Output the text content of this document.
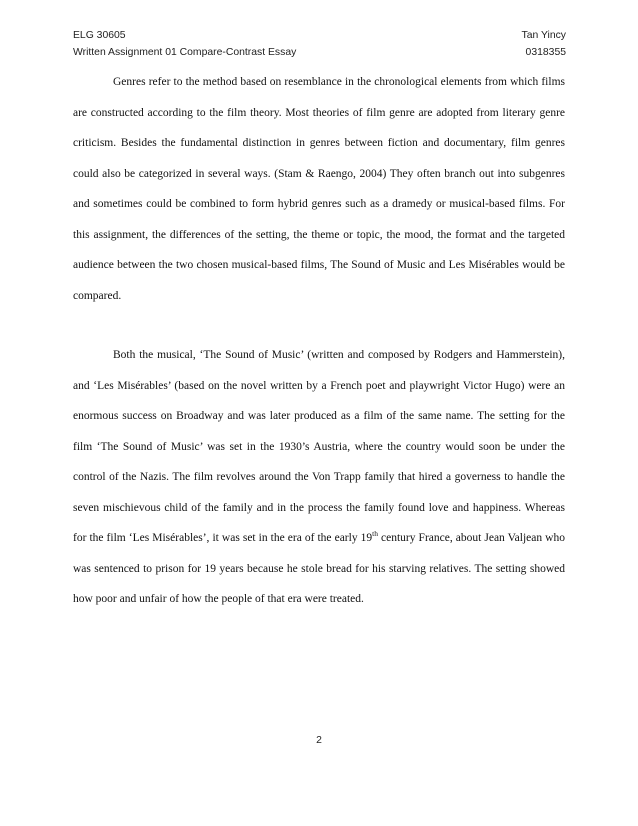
ELG 30605	Tan Yincy
Written Assignment 01 Compare-Contrast Essay	0318355

Genres refer to the method based on resemblance in the chronological elements from which films are constructed according to the film theory. Most theories of film genre are adopted from literary genre criticism. Besides the fundamental distinction in genres between fiction and documentary, film genres could also be categorized in several ways. (Stam & Raengo, 2004) They often branch out into subgenres and sometimes could be combined to form hybrid genres such as a dramedy or musical-based films. For this assignment, the differences of the setting, the theme or topic, the mood, the format and the targeted audience between the two chosen musical-based films, The Sound of Music and Les Misérables would be compared.

Both the musical, ‘The Sound of Music’ (written and composed by Rodgers and Hammerstein), and ‘Les Misérables’ (based on the novel written by a French poet and playwright Victor Hugo) were an enormous success on Broadway and was later produced as a film of the same name. The setting for the film ‘The Sound of Music’ was set in the 1930’s Austria, where the country would soon be under the control of the Nazis. The film revolves around the Von Trapp family that hired a governess to handle the seven mischievous child of the family and in the process the family found love and happiness. Whereas for the film ‘Les Misérables’, it was set in the era of the early 19th century France, about Jean Valjean who was sentenced to prison for 19 years because he stole bread for his starving relatives. The setting showed how poor and unfair of how the people of that era were treated.

2
